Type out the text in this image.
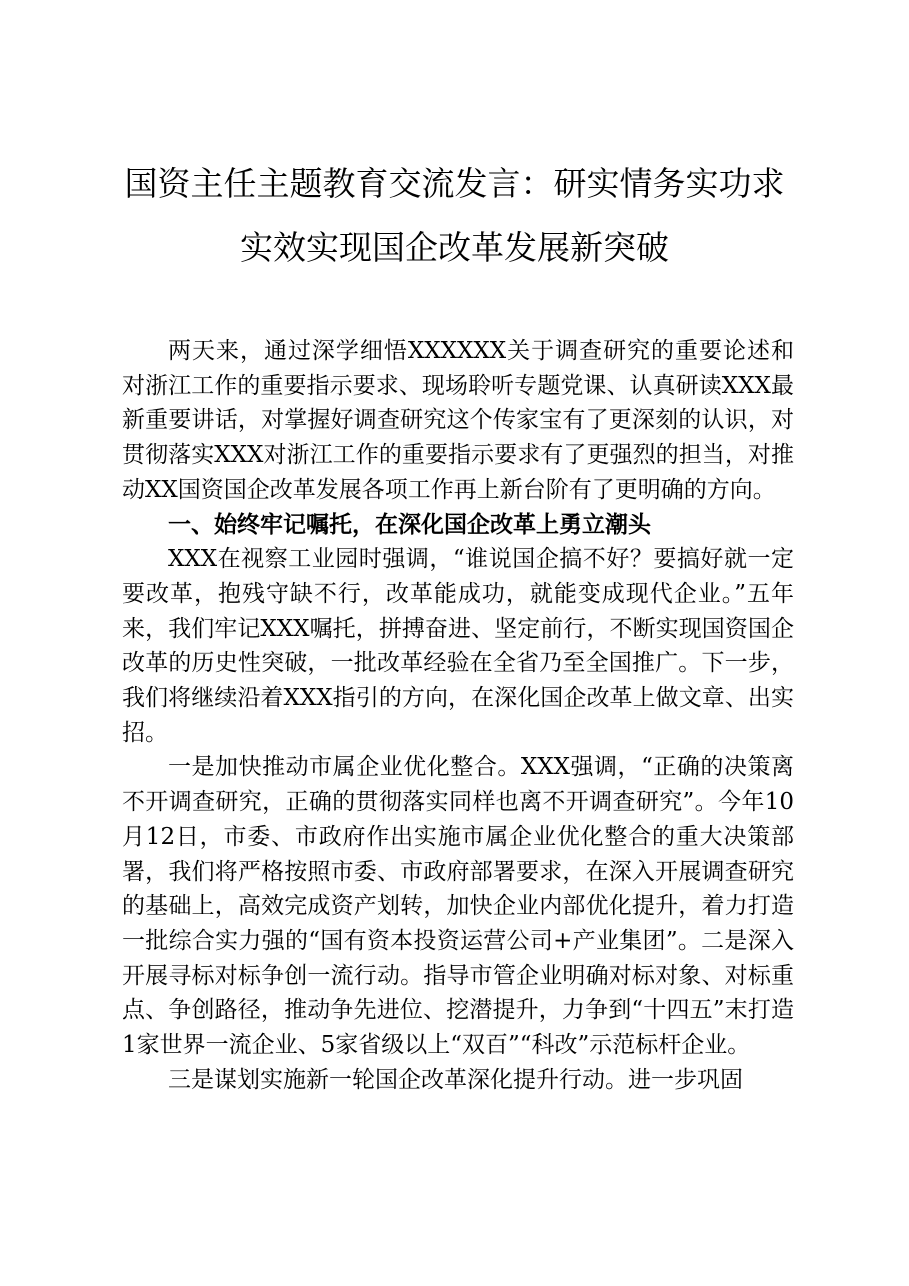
国资主任主题教育交流发言：研实情务实功求
实效实现国企改革发展新突破

两天来，通过深学细悟XXXXXX关于调查研究的重要论述和对浙江工作的重要指示要求、现场聆听专题党课、认真研读XXX最新重要讲话，对掌握好调查研究这个传家宝有了更深刻的认识，对贯彻落实XXX对浙江工作的重要指示要求有了更强烈的担当，对推动XX国资国企改革发展各项工作再上新台阶有了更明确的方向。

一、始终牢记嘱托，在深化国企改革上勇立潮头

XXX在视察工业园时强调，“谁说国企搞不好？要搞好就一定要改革，抱残守缺不行，改革能成功，就能变成现代企业。”五年来，我们牢记XXX嘱托，拼搏奋进、坚定前行，不断实现国资国企改革的历史性突破，一批改革经验在全省乃至全国推广。下一步，我们将继续沿着XXX指引的方向，在深化国企改革上做文章、出实招。

一是加快推动市属企业优化整合。XXX强调，“正确的决策离不开调查研究，正确的贯彻落实同样也离不开调查研究”。今年10月12日，市委、市政府作出实施市属企业优化整合的重大决策部署，我们将严格按照市委、市政府部署要求，在深入开展调查研究的基础上，高效完成资产划转，加快企业内部优化提升，着力打造一批综合实力强的“国有资本投资运营公司+产业集团”。二是深入开展寻标对标争创一流行动。指导市管企业明确对标对象、对标重点、争创路径，推动争先进位、挖潜提升，力争到“十四五”末打造1家世界一流企业、5家省级以上“双百”“科改”示范标杆企业。

三是谋划实施新一轮国企改革深化提升行动。进一步巩固
